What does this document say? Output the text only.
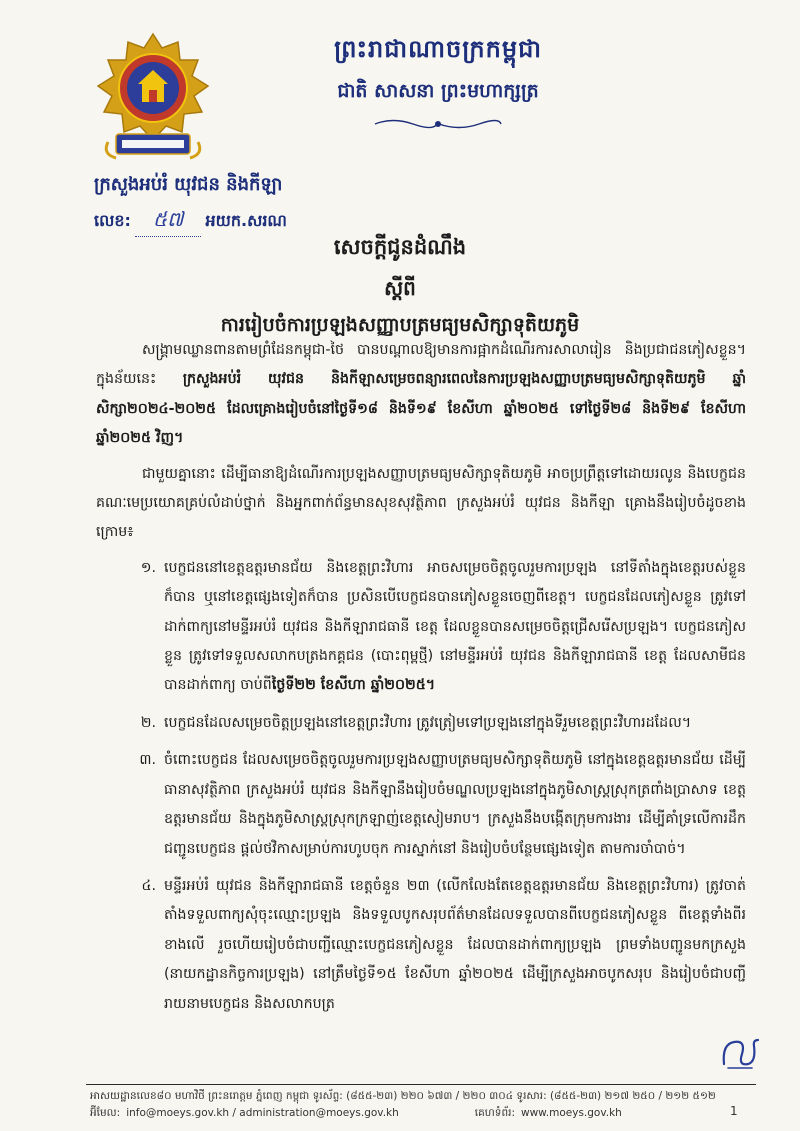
ព្រះរាជាណាចក្រកម្ពុជា
ជាតិ សាសនា ព្រះមហាក្សត្រ
ក្រសួងអប់រំ យុវជន និងកីឡា
លេខ:	៥៧	អយក.សរណ
សេចក្តីជូនដំណឹង
ស្តីពី
ការរៀបចំការប្រឡងសញ្ញាបត្រមធ្យមសិក្សាទុតិយភូមិ

សង្គ្រាមឈ្លានពានតាមព្រំដែនកម្ពុជា-ថៃ បានបណ្តាលឱ្យមានការផ្អាកដំណើរការសាលារៀន និងប្រជាជនភៀសខ្លួន។ ក្នុងន័យនេះ ក្រសួងអប់រំ យុវជន និងកីឡាសម្រេចពន្យារពេលនៃការប្រឡងសញ្ញាបត្រមធ្យមសិក្សាទុតិយភូមិ ឆ្នាំសិក្សា២០២៤-២០២៥ ដែលគ្រោងរៀបចំនៅថ្ងៃទី១៨ និងទី១៩ ខែសីហា ឆ្នាំ២០២៥ ទៅថ្ងៃទី២៨ និងទី២៩ ខែសីហា ឆ្នាំ២០២៥ វិញ។

ជាមួយគ្នានោះ ដើម្បីធានាឱ្យដំណើរការប្រឡងសញ្ញាបត្រមធ្យមសិក្សាទុតិយភូមិ អាចប្រព្រឹត្តទៅដោយរលូន និងបេក្ខជន គណៈមេប្រយោគគ្រប់លំដាប់ថ្នាក់ និងអ្នកពាក់ព័ន្ធមានសុខសុវត្ថិភាព ក្រសួងអប់រំ យុវជន និងកីឡា គ្រោងនឹងរៀបចំដូចខាងក្រោម៖

១. បេក្ខជននៅខេត្តឧត្តរមានជ័យ និងខេត្តព្រះវិហារ អាចសម្រេចចិត្តចូលរួមការប្រឡង នៅទីតាំងក្នុងខេត្តរបស់ខ្លួនក៏បាន ឬនៅខេត្តផ្សេងទៀតក៏បាន ប្រសិនបើបេក្ខជនបានភៀសខ្លួនចេញពីខេត្ត។ បេក្ខជនដែលភៀសខ្លួន ត្រូវទៅដាក់ពាក្យនៅមន្ទីរអប់រំ យុវជន និងកីឡារាជធានី ខេត្ត ដែលខ្លួនបានសម្រេចចិត្តជ្រើសរើសប្រឡង។ បេក្ខជនភៀសខ្លួន ត្រូវទៅទទួលសលាកបត្រងកគ្គជន (បោះពុម្ពថ្មី) នៅមន្ទីរអប់រំ យុវជន និងកីឡារាជធានី ខេត្ត ដែលសាមីជនបានដាក់ពាក្យ ចាប់ពីថ្ងៃទី២២ ខែសីហា ឆ្នាំ២០២៥។
២. បេក្ខជនដែលសម្រេចចិត្តប្រឡងនៅខេត្តព្រះវិហារ ត្រូវត្រៀមទៅប្រឡងនៅក្នុងទីរួមខេត្តព្រះវិហារដដែល។
៣. ចំពោះបេក្ខជន ដែលសម្រេចចិត្តចូលរួមការប្រឡងសញ្ញាបត្រមធ្យមសិក្សាទុតិយភូមិ នៅក្នុងខេត្តឧត្តរមានជ័យ ដើម្បីធានាសុវត្ថិភាព ក្រសួងអប់រំ យុវជន និងកីឡានឹងរៀបចំមណ្ឌលប្រឡងនៅក្នុងភូមិសាស្ត្រស្រុកត្រពាំងប្រាសាទ ខេត្តឧត្តរមានជ័យ និងក្នុងភូមិសាស្ត្រស្រុកក្រឡាញ់ខេត្តសៀមរាប។ ក្រសួងនឹងបង្កើតក្រុមការងារ ដើម្បីគាំទ្រលើការដឹកជញ្ជូនបេក្ខជន ផ្តល់ថវិកាសម្រាប់ការហូបចុក ការស្នាក់នៅ និងរៀបចំបន្ថែមផ្សេងទៀត តាមការចាំបាច់។
៤. មន្ទីរអប់រំ យុវជន និងកីឡារាជធានី ខេត្តចំនួន ២៣ (លើកលែងតែខេត្តឧត្តរមានជ័យ និងខេត្តព្រះវិហារ) ត្រូវចាត់តាំងទទួលពាក្យសុំចុះឈ្មោះប្រឡង និងទទួលបូកសរុបព័ត៌មានដែលទទួលបានពីបេក្ខជនភៀសខ្លួន ពីខេត្តទាំងពីរខាងលើ រួចហើយរៀបចំជាបញ្ជីឈ្មោះបេក្ខជនភៀសខ្លួន ដែលបានដាក់ពាក្យប្រឡង ព្រមទាំងបញ្ជូនមកក្រសួង (នាយកដ្ឋានកិច្ចការប្រឡង) នៅត្រឹមថ្ងៃទី១៥ ខែសីហា ឆ្នាំ២០២៥ ដើម្បីក្រសួងអាចបូកសរុប និងរៀបចំជាបញ្ជីរាយនាមបេក្ខជន និងសលាកបត្រ
អាសយដ្ឋានលេខ៨០ មហាវិថី ព្រះនរោត្តម ភ្នំពេញ កម្ពុជា ទូរស័ព្ទ: (៨៥៥-២៣) ២២០ ៦៧៣ / ២២០ ៣០៤ ទូរសារ: (៨៥៥-២៣) ២១៧ ២៥០ / ២១២ ៥១២
អ៊ីមែល: info@moeys.gov.kh / administration@moeys.gov.kh	គេហទំព័រ: www.moeys.gov.kh	1
